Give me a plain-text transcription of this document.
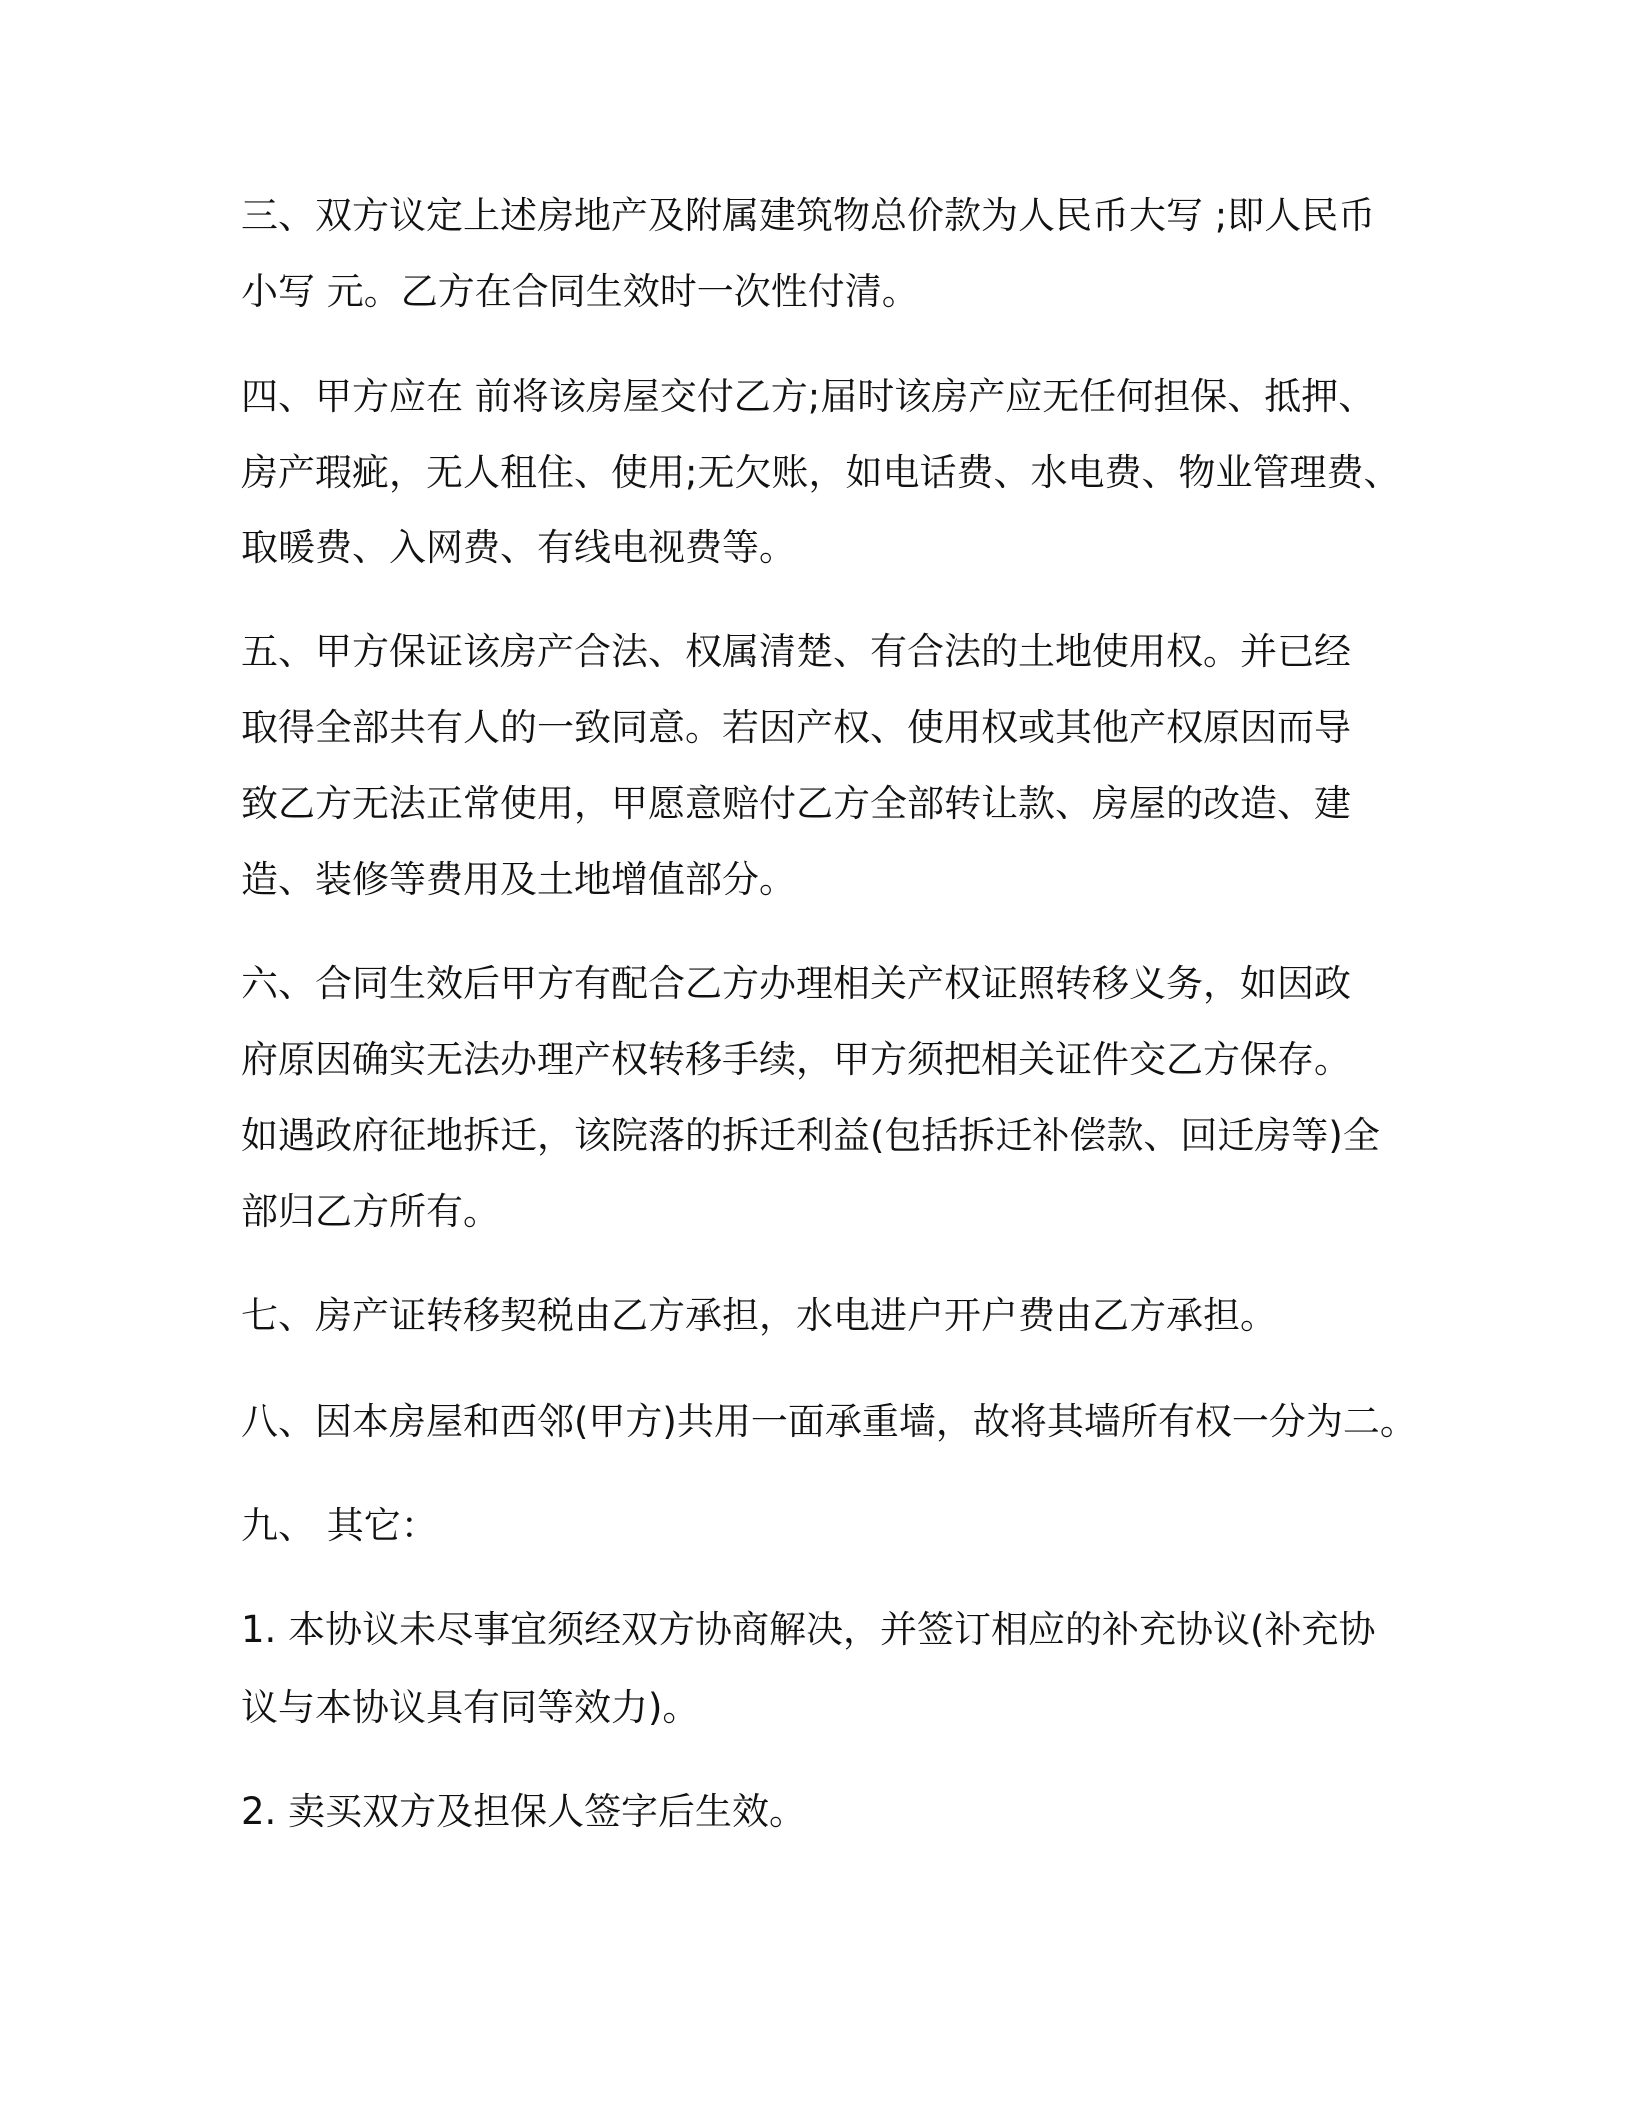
三、双方议定上述房地产及附属建筑物总价款为人民币大写 ;即人民币

小写 元。乙方在合同生效时一次性付清。

四、甲方应在 前将该房屋交付乙方;届时该房产应无任何担保、抵押、

房产瑕疵，无人租住、使用;无欠账，如电话费、水电费、物业管理费、

取暖费、入网费、有线电视费等。

五、甲方保证该房产合法、权属清楚、有合法的土地使用权。并已经

取得全部共有人的一致同意。若因产权、使用权或其他产权原因而导

致乙方无法正常使用，甲愿意赔付乙方全部转让款、房屋的改造、建

造、装修等费用及土地增值部分。

六、合同生效后甲方有配合乙方办理相关产权证照转移义务，如因政

府原因确实无法办理产权转移手续，甲方须把相关证件交乙方保存。

如遇政府征地拆迁，该院落的拆迁利益(包括拆迁补偿款、回迁房等)全

部归乙方所有。

七、房产证转移契税由乙方承担，水电进户开户费由乙方承担。

八、因本房屋和西邻(甲方)共用一面承重墙，故将其墙所有权一分为二。

九、 其它：

1. 本协议未尽事宜须经双方协商解决，并签订相应的补充协议(补充协

议与本协议具有同等效力)。

2. 卖买双方及担保人签字后生效。
